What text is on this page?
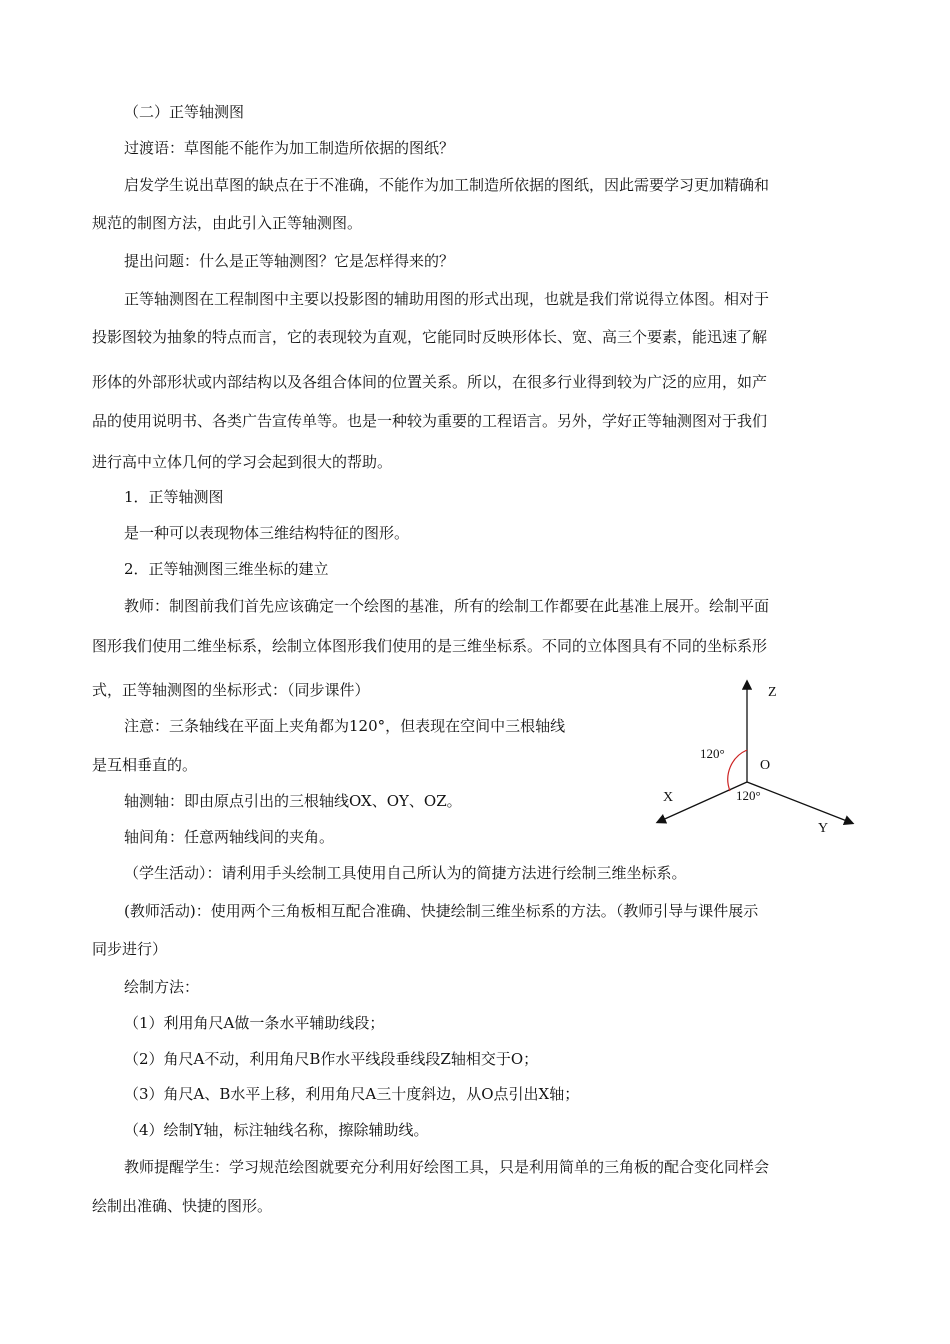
（二）正等轴测图
过渡语：草图能不能作为加工制造所依据的图纸？
启发学生说出草图的缺点在于不准确，不能作为加工制造所依据的图纸，因此需要学习更加精确和
规范的制图方法，由此引入正等轴测图。
提出问题：什么是正等轴测图？它是怎样得来的？
正等轴测图在工程制图中主要以投影图的辅助用图的形式出现，也就是我们常说得立体图。相对于
投影图较为抽象的特点而言，它的表现较为直观，它能同时反映形体长、宽、高三个要素，能迅速了解
形体的外部形状或内部结构以及各组合体间的位置关系。所以，在很多行业得到较为广泛的应用，如产
品的使用说明书、各类广告宣传单等。也是一种较为重要的工程语言。另外，学好正等轴测图对于我们
进行高中立体几何的学习会起到很大的帮助。
1．正等轴测图
是一种可以表现物体三维结构特征的图形。
2．正等轴测图三维坐标的建立
教师：制图前我们首先应该确定一个绘图的基准，所有的绘制工作都要在此基准上展开。绘制平面
图形我们使用二维坐标系，绘制立体图形我们使用的是三维坐标系。不同的立体图具有不同的坐标系形
式，正等轴测图的坐标形式：（同步课件）
注意：三条轴线在平面上夹角都为120°，但表现在空间中三根轴线
是互相垂直的。
轴测轴：即由原点引出的三根轴线OX、OY、OZ。
轴间角：任意两轴线间的夹角。
（学生活动）：请利用手头绘制工具使用自己所认为的简捷方法进行绘制三维坐标系。
(教师活动)：使用两个三角板相互配合准确、快捷绘制三维坐标系的方法。（教师引导与课件展示
同步进行）
绘制方法：
（1）利用角尺A做一条水平辅助线段；
（2）角尺A不动，利用角尺B作水平线段垂线段Z轴相交于O；
（3）角尺A、B水平上移，利用角尺A三十度斜边，从O点引出X轴；
（4）绘制Y轴，标注轴线名称，擦除辅助线。
教师提醒学生：学习规范绘图就要充分利用好绘图工具，只是利用简单的三角板的配合变化同样会
绘制出准确、快捷的图形。
Z
O
X
Y
120°
120°
